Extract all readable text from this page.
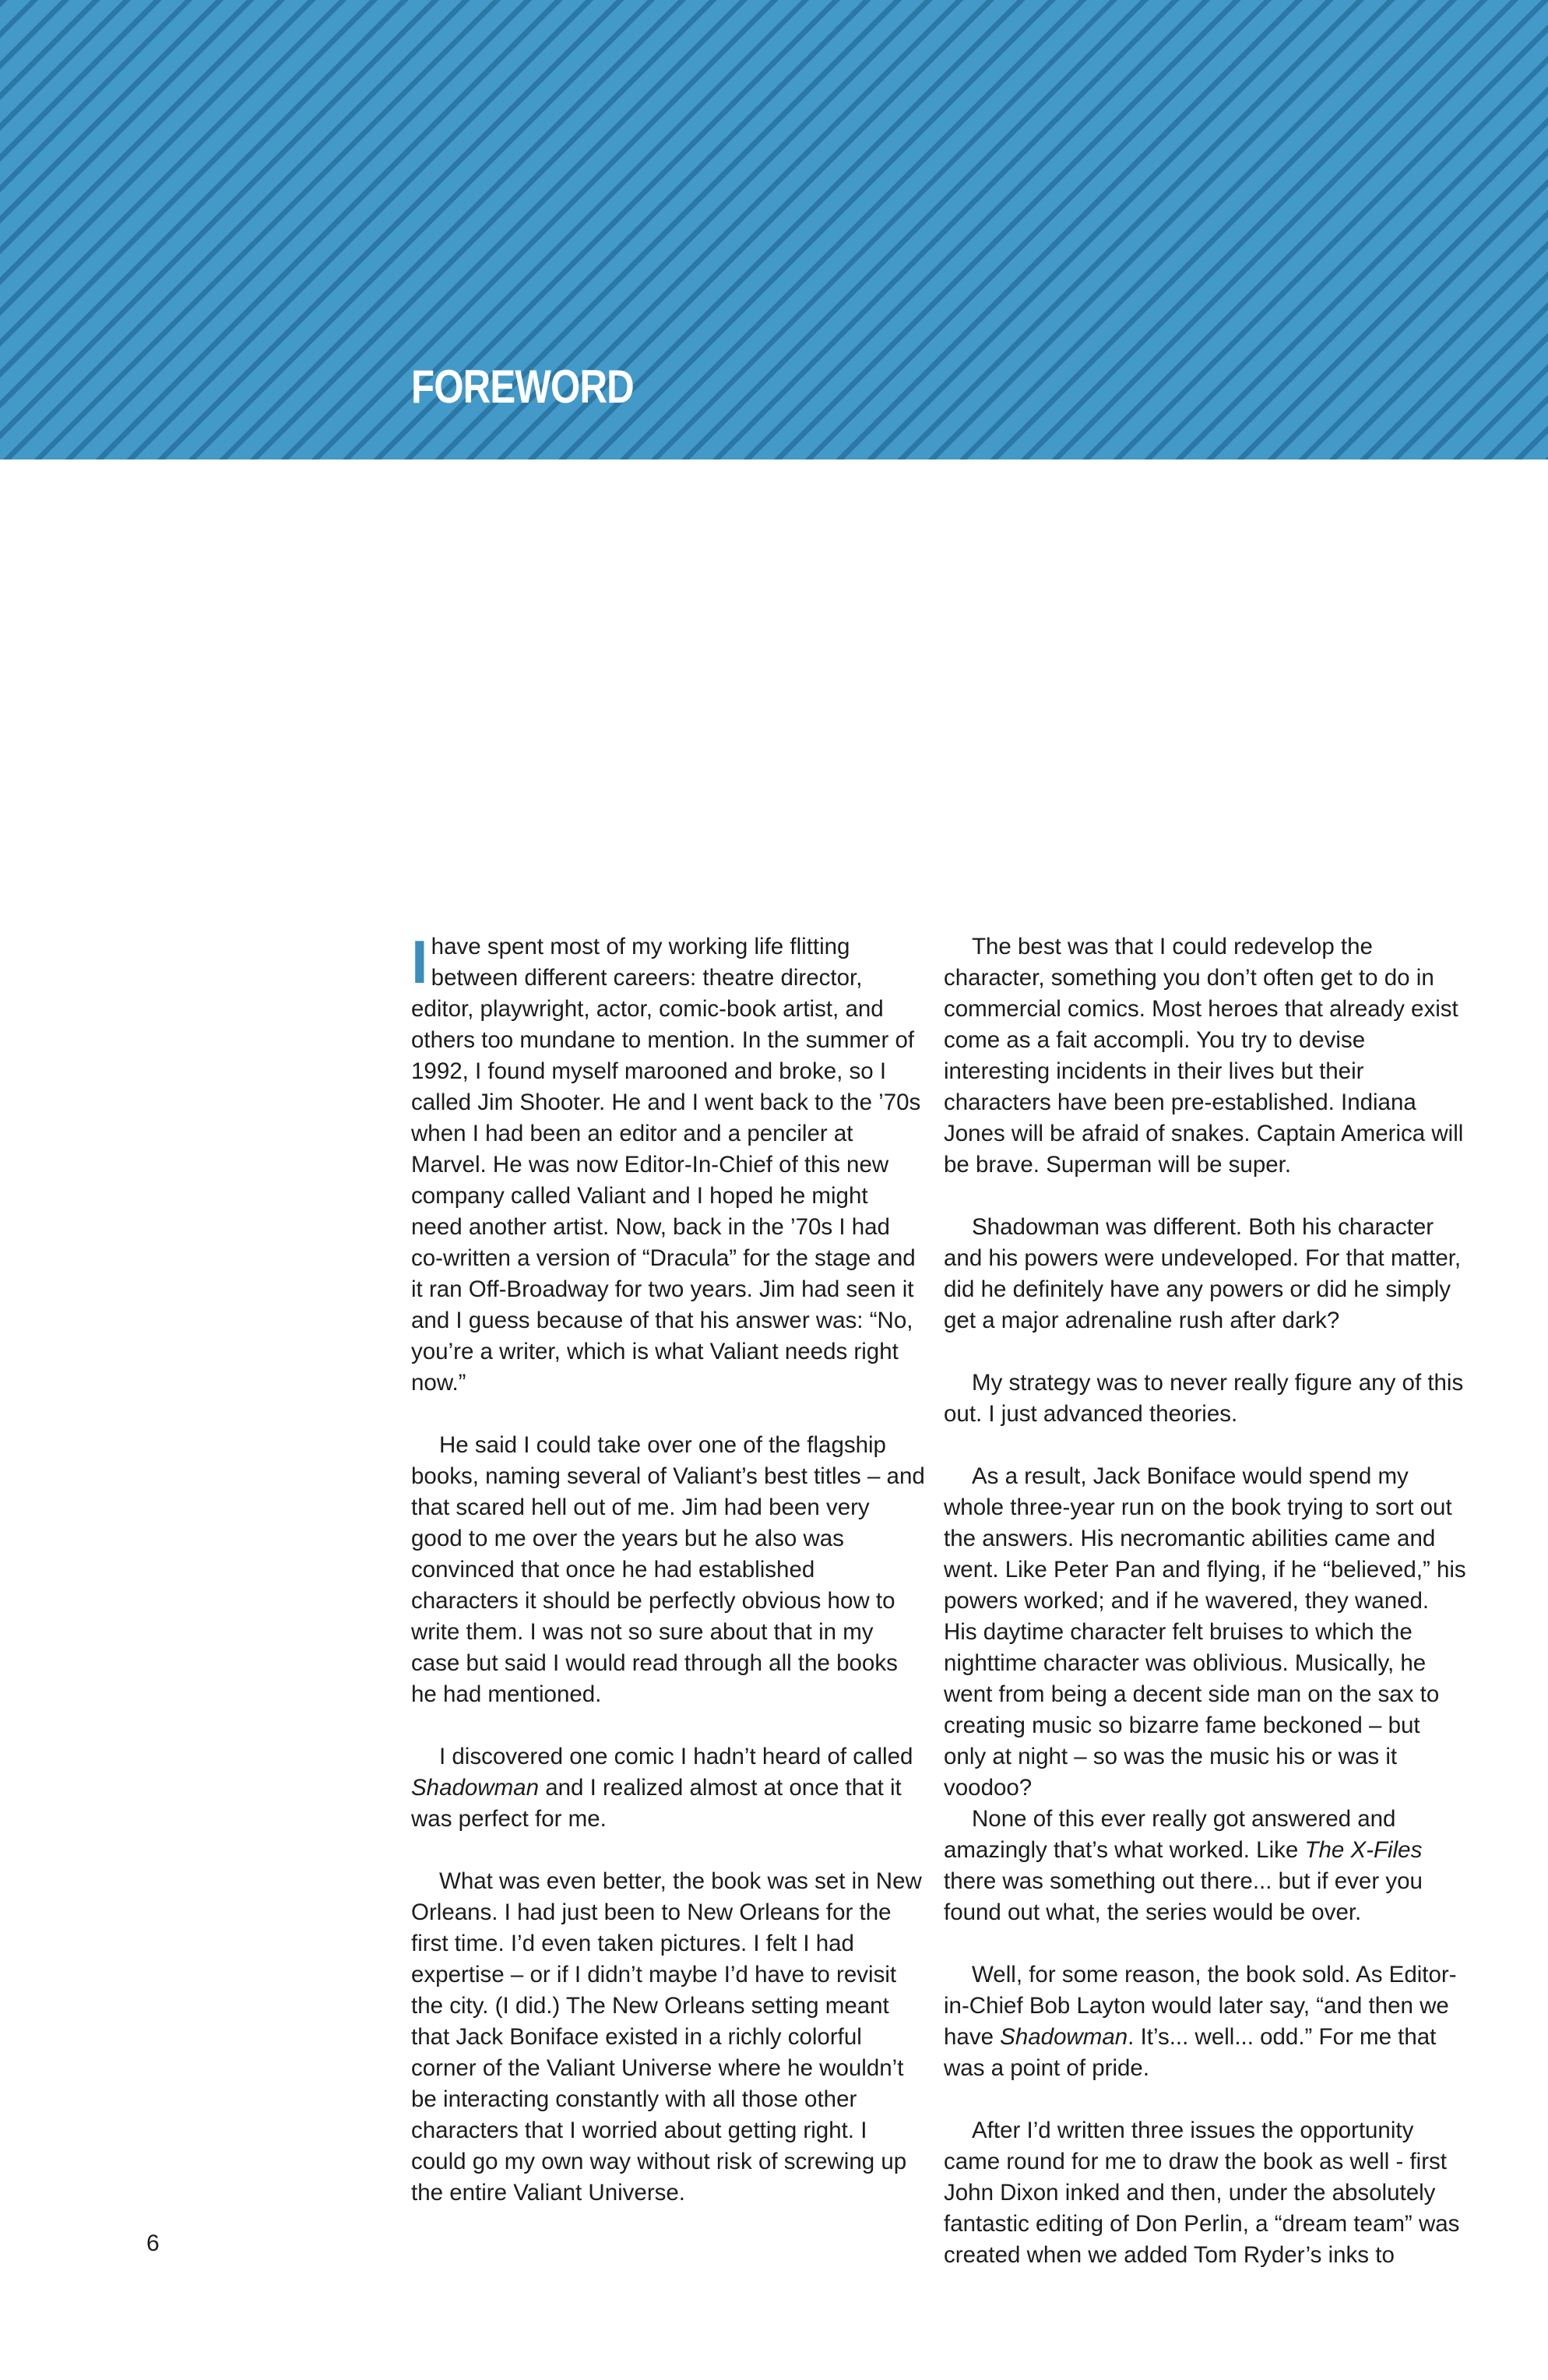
FOREWORD

Ihave spent most of my working life flitting between different careers: theatre director, editor, playwright, actor, comic-book artist, and others too mundane to mention. In the summer of 1992, I found myself marooned and broke, so I called Jim Shooter. He and I went back to the ’70s when I had been an editor and a penciler at Marvel. He was now Editor-In-Chief of this new company called Valiant and I hoped he might need another artist. Now, back in the ’70s I had co-written a version of “Dracula” for the stage and it ran Off-Broadway for two years. Jim had seen it and I guess because of that his answer was: “No, you’re a writer, which is what Valiant needs right now.”

He said I could take over one of the flagship books, naming several of Valiant’s best titles – and that scared hell out of me. Jim had been very good to me over the years but he also was convinced that once he had established characters it should be perfectly obvious how to write them. I was not so sure about that in my case but said I would read through all the books he had mentioned.

I discovered one comic I hadn’t heard of called Shadowman and I realized almost at once that it was perfect for me.

What was even better, the book was set in New Orleans. I had just been to New Orleans for the first time. I’d even taken pictures. I felt I had expertise – or if I didn’t maybe I’d have to revisit the city. (I did.) The New Orleans setting meant that Jack Boniface existed in a richly colorful corner of the Valiant Universe where he wouldn’t be interacting constantly with all those other characters that I worried about getting right. I could go my own way without risk of screwing up the entire Valiant Universe.

The best was that I could redevelop the character, something you don’t often get to do in commercial comics. Most heroes that already exist come as a fait accompli. You try to devise interesting incidents in their lives but their characters have been pre-established. Indiana Jones will be afraid of snakes. Captain America will be brave. Superman will be super.

Shadowman was different. Both his character and his powers were undeveloped. For that matter, did he definitely have any powers or did he simply get a major adrenaline rush after dark?

My strategy was to never really figure any of this out. I just advanced theories.

As a result, Jack Boniface would spend my whole three-year run on the book trying to sort out the answers. His necromantic abilities came and went. Like Peter Pan and flying, if he “believed,” his powers worked; and if he wavered, they waned. His daytime character felt bruises to which the nighttime character was oblivious. Musically, he went from being a decent side man on the sax to creating music so bizarre fame beckoned – but only at night – so was the music his or was it voodoo?

None of this ever really got answered and amazingly that’s what worked. Like The X-Files there was something out there... but if ever you found out what, the series would be over.

Well, for some reason, the book sold. As Editor-in-Chief Bob Layton would later say, “and then we have Shadowman. It’s... well... odd.” For me that was a point of pride.

After I’d written three issues the opportunity came round for me to draw the book as well - first John Dixon inked and then, under the absolutely fantastic editing of Don Perlin, a “dream team” was created when we added Tom Ryder’s inks to

6
